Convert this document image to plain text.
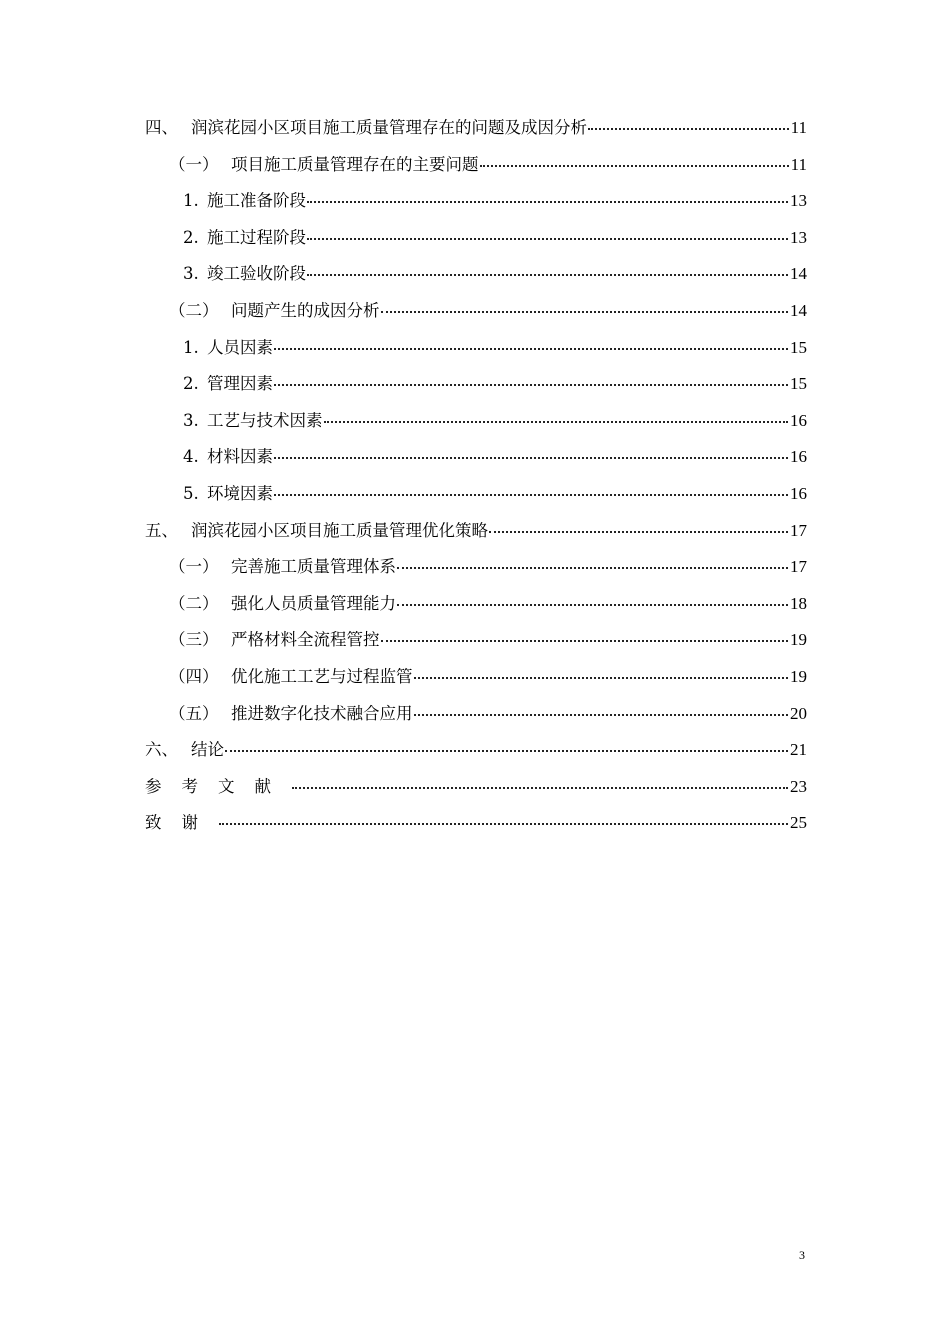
四、 润滨花园小区项目施工质量管理存在的问题及成因分析	11
（一） 项目施工质量管理存在的主要问题	11
1. 施工准备阶段	13
2. 施工过程阶段	13
3. 竣工验收阶段	14
（二） 问题产生的成因分析	14
1. 人员因素	15
2. 管理因素	15
3. 工艺与技术因素	16
4. 材料因素	16
5. 环境因素	16
五、 润滨花园小区项目施工质量管理优化策略	17
（一） 完善施工质量管理体系	17
（二） 强化人员质量管理能力	18
（三） 严格材料全流程管控	19
（四） 优化施工工艺与过程监管	19
（五） 推进数字化技术融合应用	20
六、 结论	21
参考文献	23
致谢	25
3
